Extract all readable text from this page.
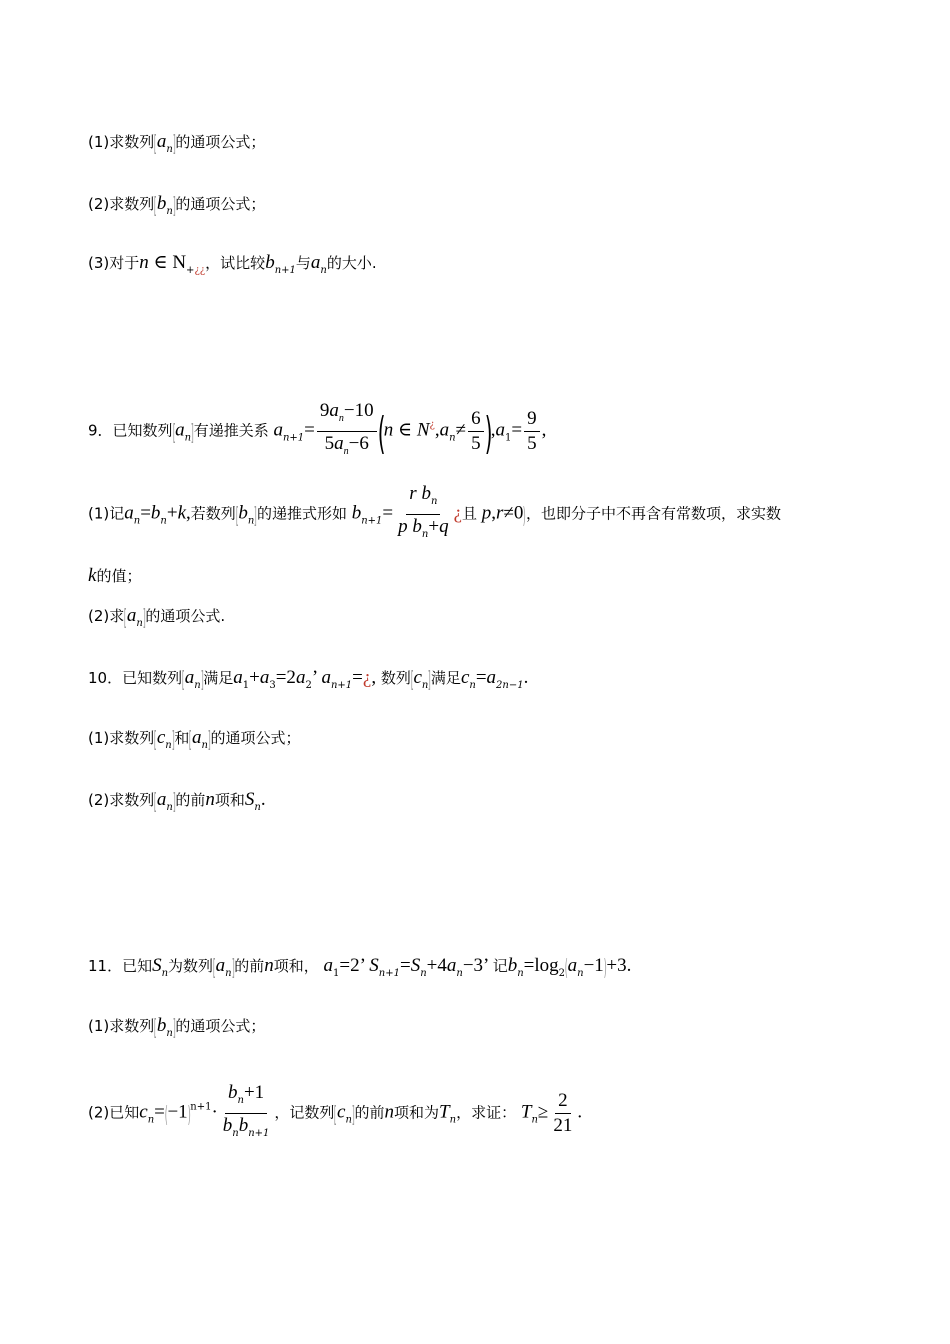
(1)求数列$[a_n]$的通项公式；
(2)求数列$[b_n]$的通项公式；
(3)对于n ∈ $N_{+¿¿}$，试比较$b_{n+1}$与$a_n$的大小.
9．已知数列$[a_n]$有递推关系 $a_{n+1}= \frac{9a_n-10}{5a_n-6} (n$ ∈ $N^¿,a_n\ne \frac{6}{5} ),a_1= \frac{9}{5}$ ,
(1)记$a_n=b_n+k$,若数列$[b_n]$的递推式形如 $b_{n+1}= \frac{r b_n}{p b_n+q}$ ¿且 p,r≠0)，也即分子中不再含有常数项，求实数
k的值；
(2)求$[a_n]$的通项公式.
10．已知数列$[a_n]$满足$a_1+a_3=2a_2$’ $a_{n+1}=¿$, 数列$[c_n]$满足$c_n=a_{2n-1}$.
(1)求数列$[c_n]$和$[a_n]$的通项公式；
(2)求数列$[a_n]$的前n项和$S_n$.
11．已知$S_n$为数列$[a_n]$的前n项和， $a_1=2$’ $S_{n+1}=S_n+4a_n-3$’ 记$b_n=\log_2(a_n-1)+3$.
(1)求数列$[b_n]$的通项公式；
(2)已知$c_n=(-1)^{n+1}\cdot \frac{b_n+1}{b_nb_{n+1}}$ ，记数列$[c_n]$的前n项和为$T_n$，求证： $T_n\ge \frac{2}{21}$ .
